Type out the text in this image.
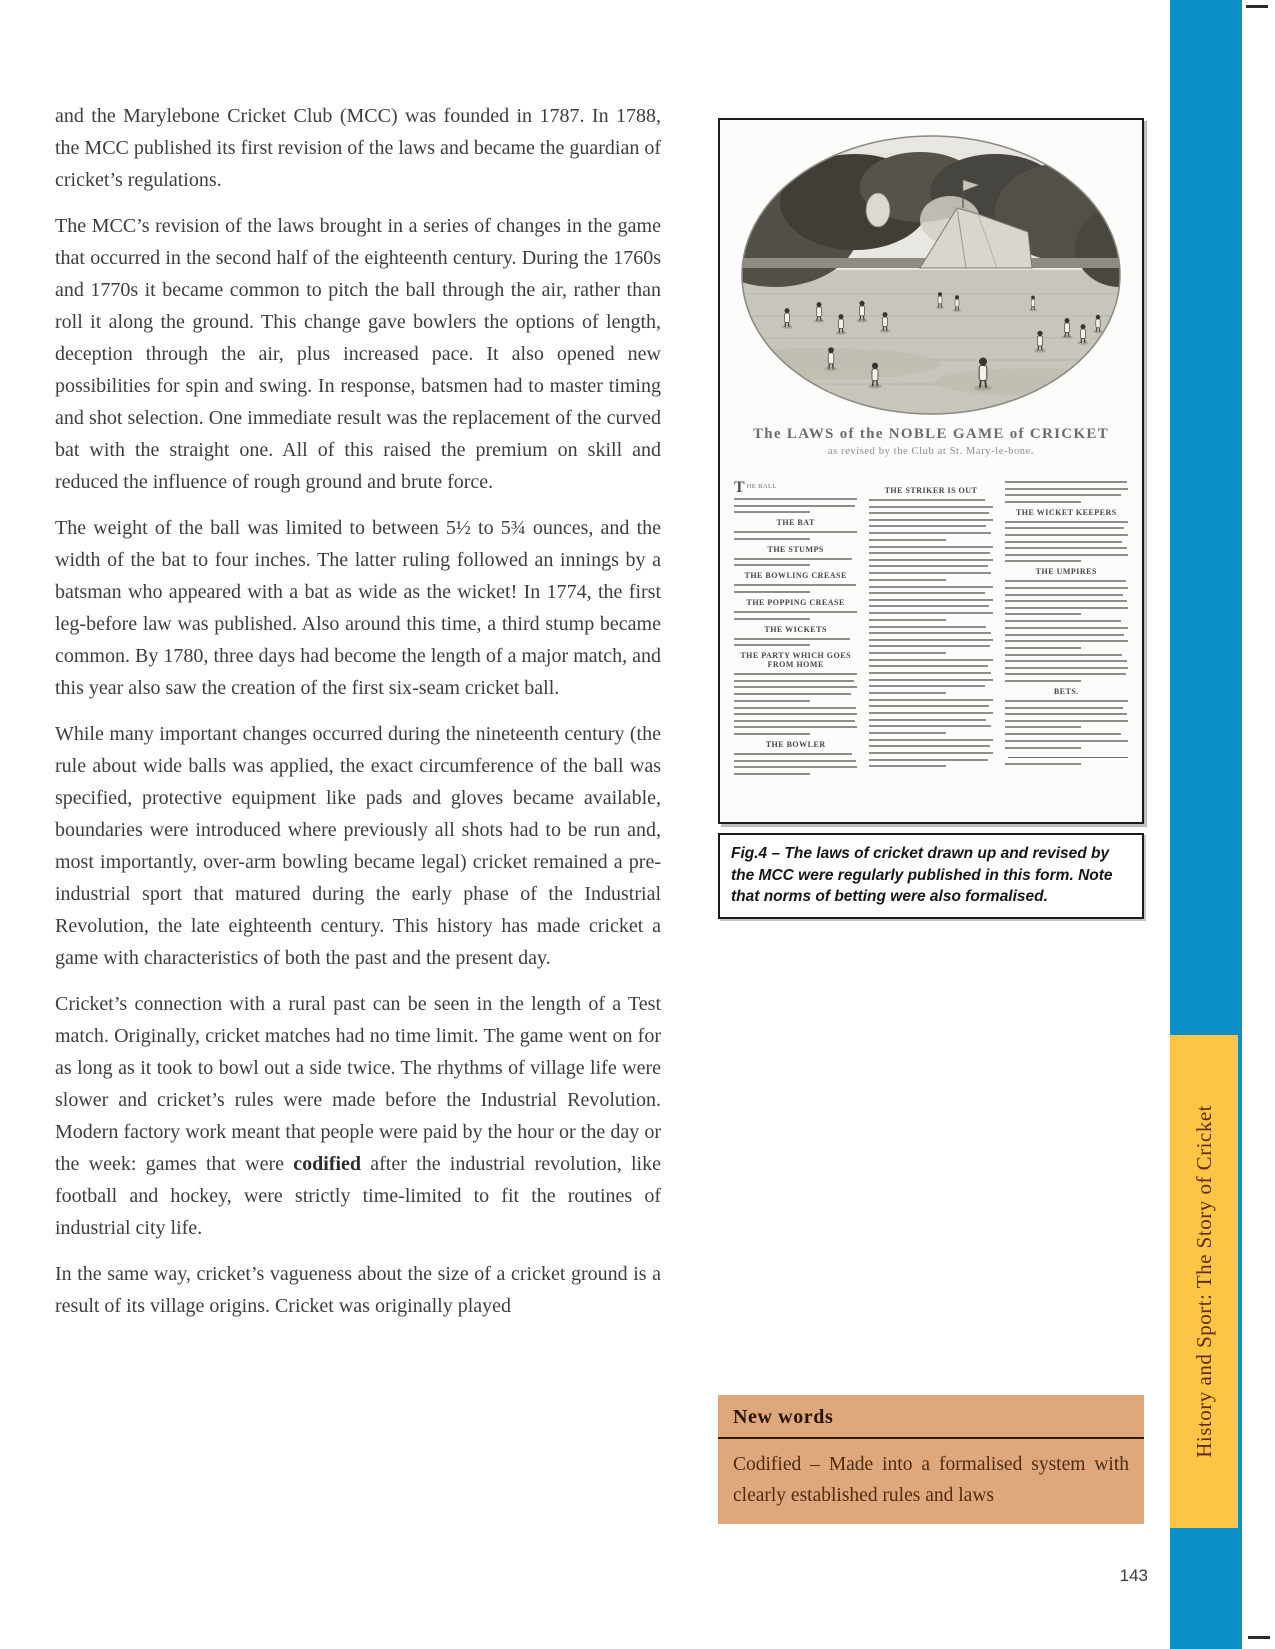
and the Marylebone Cricket Club (MCC) was founded in 1787. In 1788, the MCC published its first revision of the laws and became the guardian of cricket’s regulations.

The MCC’s revision of the laws brought in a series of changes in the game that occurred in the second half of the eighteenth century. During the 1760s and 1770s it became common to pitch the ball through the air, rather than roll it along the ground. This change gave bowlers the options of length, deception through the air, plus increased pace. It also opened new possibilities for spin and swing. In response, batsmen had to master timing and shot selection. One immediate result was the replacement of the curved bat with the straight one. All of this raised the premium on skill and reduced the influence of rough ground and brute force.

The weight of the ball was limited to between 5½ to 5¾ ounces, and the width of the bat to four inches. The latter ruling followed an innings by a batsman who appeared with a bat as wide as the wicket! In 1774, the first leg-before law was published. Also around this time, a third stump became common. By 1780, three days had become the length of a major match, and this year also saw the creation of the first six-seam cricket ball.

While many important changes occurred during the nineteenth century (the rule about wide balls was applied, the exact circumference of the ball was specified, protective equipment like pads and gloves became available, boundaries were introduced where previously all shots had to be run and, most importantly, over-arm bowling became legal) cricket remained a pre-industrial sport that matured during the early phase of the Industrial Revolution, the late eighteenth century. This history has made cricket a game with characteristics of both the past and the present day.

Cricket’s connection with a rural past can be seen in the length of a Test match. Originally, cricket matches had no time limit. The game went on for as long as it took to bowl out a side twice. The rhythms of village life were slower and cricket’s rules were made before the Industrial Revolution. Modern factory work meant that people were paid by the hour or the day or the week: games that were codified after the industrial revolution, like football and hockey, were strictly time-limited to fit the routines of industrial city life.

In the same way, cricket’s vagueness about the size of a cricket ground is a result of its village origins. Cricket was originally played

The LAWS of the NOBLE GAME of CRICKET
as revised by the Club at St. Mary-le-bone.
T HE BALL
THE BAT
THE STUMPS
THE BOWLING CREASE
THE POPPING CREASE
THE WICKETS
THE PARTY WHICH GOES FROM HOME
THE BOWLER
THE STRIKER IS OUT
THE WICKET KEEPERS
THE UMPIRES
BETS.
Fig.4 – The laws of cricket drawn up and revised by the MCC were regularly published in this form. Note that norms of betting were also formalised.
New words
Codified – Made into a formalised system with clearly established rules and laws
History and Sport: The Story of Cricket
143
